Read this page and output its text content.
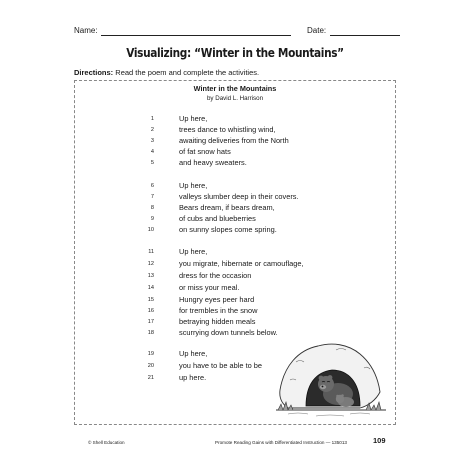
Name:	Date:
Visualizing: “Winter in the Mountains”
Directions: Read the poem and complete the activities.
Winter in the Mountains
by David L. Harrison
1	Up here,
2	trees dance to whistling wind,
3	awaiting deliveries from the North
4	of fat snow hats
5	and heavy sweaters.
6	Up here,
7	valleys slumber deep in their covers.
8	Bears dream, if bears dream,
9	of cubs and blueberries
10	on sunny slopes come spring.
11	Up here,
12	you migrate, hibernate or camouflage,
13	dress for the occasion
14	or miss your meal.
15	Hungry eyes peer hard
16	for trembles in the snow
17	betraying hidden meals
18	scurrying down tunnels below.
19	Up here,
20	you have to be able to be
21	up here.
© Shell Education	Promote Reading Gains with Differentiated Instruction — 135013	109
